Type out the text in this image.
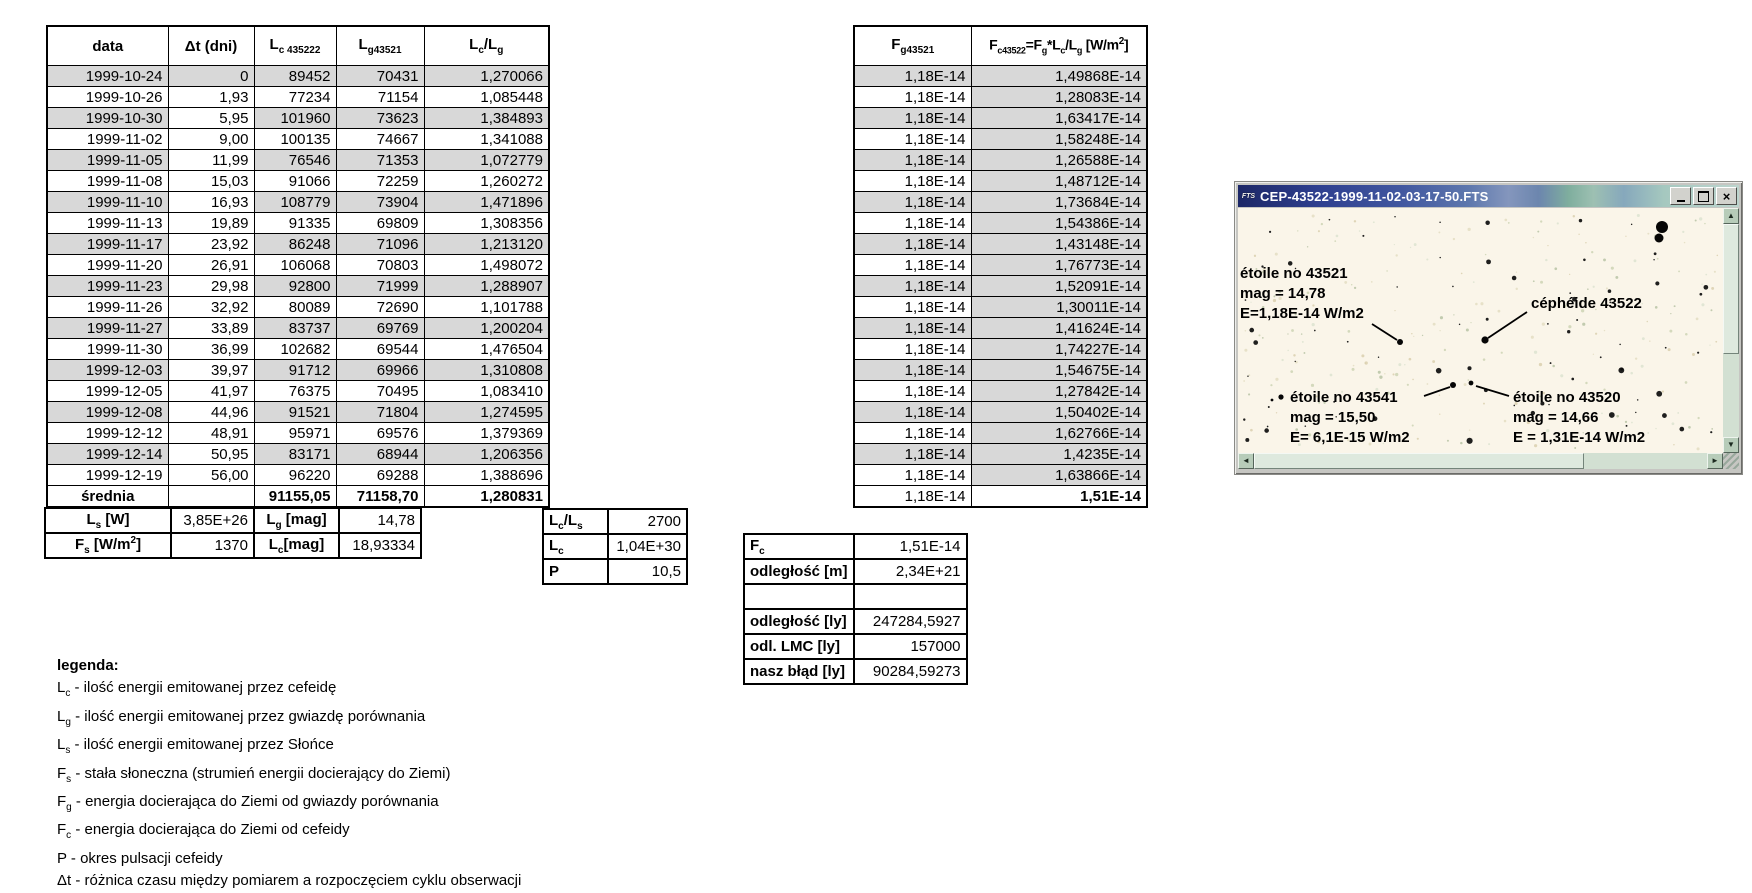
data	Δt (dni)	$L_{c 435222}$	$L_{g43521}$	$L_c/L_g$
1999-10-24	0	89452	70431	1,270066
1999-10-26	1,93	77234	71154	1,085448
1999-10-30	5,95	101960	73623	1,384893
1999-11-02	9,00	100135	74667	1,341088
1999-11-05	11,99	76546	71353	1,072779
1999-11-08	15,03	91066	72259	1,260272
1999-11-10	16,93	108779	73904	1,471896
1999-11-13	19,89	91335	69809	1,308356
1999-11-17	23,92	86248	71096	1,213120
1999-11-20	26,91	106068	70803	1,498072
1999-11-23	29,98	92800	71999	1,288907
1999-11-26	32,92	80089	72690	1,101788
1999-11-27	33,89	83737	69769	1,200204
1999-11-30	36,99	102682	69544	1,476504
1999-12-03	39,97	91712	69966	1,310808
1999-12-05	41,97	76375	70495	1,083410
1999-12-08	44,96	91521	71804	1,274595
1999-12-12	48,91	95971	69576	1,379369
1999-12-14	50,95	83171	68944	1,206356
1999-12-19	56,00	96220	69288	1,388696
średnia		91155,05	71158,70	1,280831
$F_{g43521}$	$F_{c43522}=F_g*L_c/L_g$ $[W/m^2]$
1,18E-14	1,49868E-14
1,18E-14	1,28083E-14
1,18E-14	1,63417E-14
1,18E-14	1,58248E-14
1,18E-14	1,26588E-14
1,18E-14	1,48712E-14
1,18E-14	1,73684E-14
1,18E-14	1,54386E-14
1,18E-14	1,43148E-14
1,18E-14	1,76773E-14
1,18E-14	1,52091E-14
1,18E-14	1,30011E-14
1,18E-14	1,41624E-14
1,18E-14	1,74227E-14
1,18E-14	1,54675E-14
1,18E-14	1,27842E-14
1,18E-14	1,50402E-14
1,18E-14	1,62766E-14
1,18E-14	1,4235E-14
1,18E-14	1,63866E-14
1,18E-14	1,51E-14
$L_s$ [W]	3,85E+26	$L_g$ [mag]	14,78
$F_s$ $[W/m^2]$	1370	$L_c[mag]$	18,93334
$L_c/L_s$	2700
$L_c$	1,04E+30
P	10,5
$F_c$	1,51E-14
odległość [m]	2,34E+21

odległość [ly]	247284,5927
odl. LMC [ly]	157000
nasz błąd [ly]	90284,59273
legenda:
$L_c$ - ilość energii emitowanej przez cefeidę
$L_g$ - ilość energii emitowanej przez gwiazdę porównania
$L_s$ - ilość energii emitowanej przez Słońce
$F_s$ - stała słoneczna (strumień energii docierający do Ziemi)
$F_g$ - energia docierająca do Ziemi od gwiazdy porównania
$F_c$ - energia docierająca do Ziemi od cefeidy
P - okres pulsacji cefeidy
Δt - różnica czasu między pomiarem a rozpoczęciem cyklu obserwacji
FTS CEP-43522-1999-11-02-03-17-50.FTS	×
étoile no 43521
mag = 14,78
E=1,18E-14 W/m2
céphéide 43522
étoile no 43541
mag = 15,50
E= 6,1E-15 W/m2
étoile no 43520
mag = 14,66
E = 1,31E-14 W/m2
▲
▼
◄	►
